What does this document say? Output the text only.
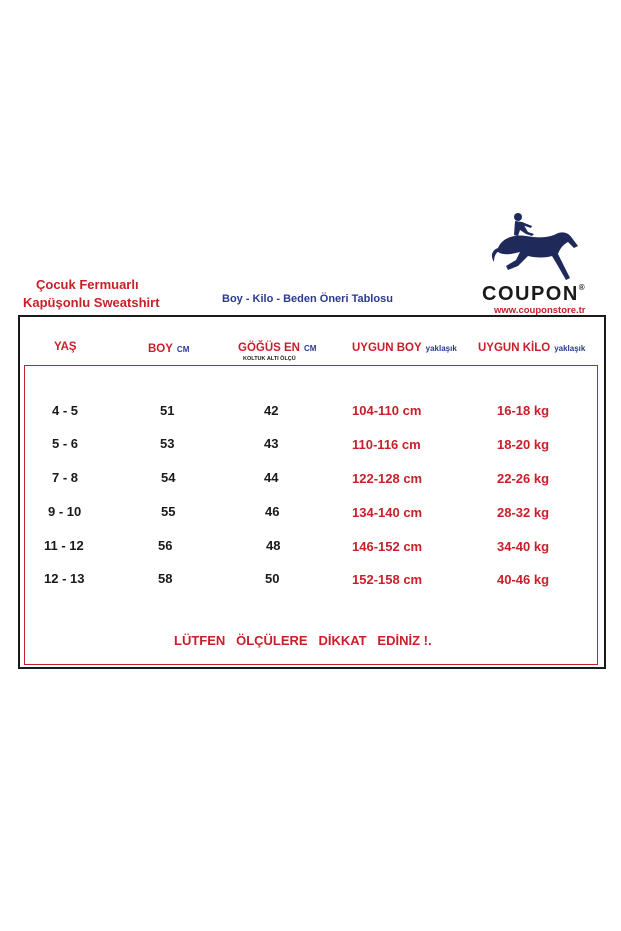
Çocuk Fermuarlı
Kapüşonlu Sweatshirt	Boy - Kilo - Beden Öneri Tablosu	COUPON®
www.couponstore.tr
YAŞ	BOY CM	GÖĞÜS EN CM
KOLTUK ALTI ÖLÇÜ
UYGUN BOY yaklaşık UYGUN KİLO yaklaşık
4 - 5	51	42	104-110 cm	16-18 kg
5 - 6	53	43	110-116 cm	18-20 kg
7 - 8	54	44	122-128 cm	22-26 kg
9 - 10	55	46	134-140 cm	28-32 kg
11 - 12	56	48	146-152 cm	34-40 kg
12 - 13	58	50	152-158 cm	40-46 kg
LÜTFEN   ÖLÇÜLERE   DİKKAT   EDİNİZ !.
